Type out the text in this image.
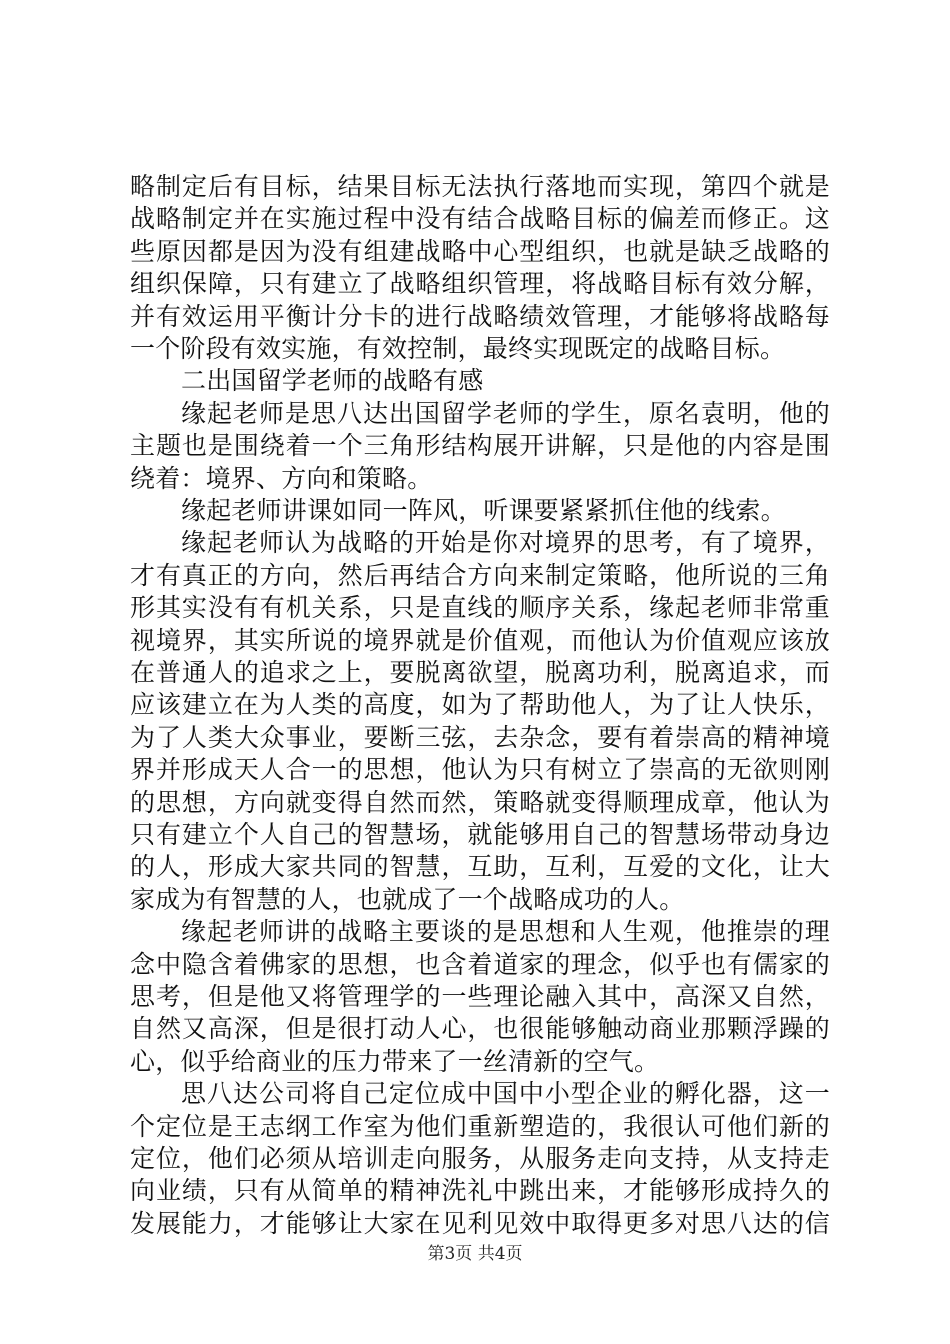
略制定后有目标，结果目标无法执行落地而实现，第四个就是
战略制定并在实施过程中没有结合战略目标的偏差而修正。这
些原因都是因为没有组建战略中心型组织，也就是缺乏战略的
组织保障，只有建立了战略组织管理，将战略目标有效分解，
并有效运用平衡计分卡的进行战略绩效管理，才能够将战略每
一个阶段有效实施，有效控制，最终实现既定的战略目标。
二出国留学老师的战略有感
缘起老师是思八达出国留学老师的学生，原名袁明，他的
主题也是围绕着一个三角形结构展开讲解，只是他的内容是围
绕着：境界、方向和策略。
缘起老师讲课如同一阵风，听课要紧紧抓住他的线索。
缘起老师认为战略的开始是你对境界的思考，有了境界，
才有真正的方向，然后再结合方向来制定策略，他所说的三角
形其实没有有机关系，只是直线的顺序关系，缘起老师非常重
视境界，其实所说的境界就是价值观，而他认为价值观应该放
在普通人的追求之上，要脱离欲望，脱离功利，脱离追求，而
应该建立在为人类的高度，如为了帮助他人，为了让人快乐，
为了人类大众事业，要断三弦，去杂念，要有着崇高的精神境
界并形成天人合一的思想，他认为只有树立了崇高的无欲则刚
的思想，方向就变得自然而然，策略就变得顺理成章，他认为
只有建立个人自己的智慧场，就能够用自己的智慧场带动身边
的人，形成大家共同的智慧，互助，互利，互爱的文化，让大
家成为有智慧的人，也就成了一个战略成功的人。
缘起老师讲的战略主要谈的是思想和人生观，他推崇的理
念中隐含着佛家的思想，也含着道家的理念，似乎也有儒家的
思考，但是他又将管理学的一些理论融入其中，高深又自然，
自然又高深，但是很打动人心，也很能够触动商业那颗浮躁的
心，似乎给商业的压力带来了一丝清新的空气。
思八达公司将自己定位成中国中小型企业的孵化器，这一
个定位是王志纲工作室为他们重新塑造的，我很认可他们新的
定位，他们必须从培训走向服务，从服务走向支持，从支持走
向业绩，只有从简单的精神洗礼中跳出来，才能够形成持久的
发展能力，才能够让大家在见利见效中取得更多对思八达的信
第3页 共4页
